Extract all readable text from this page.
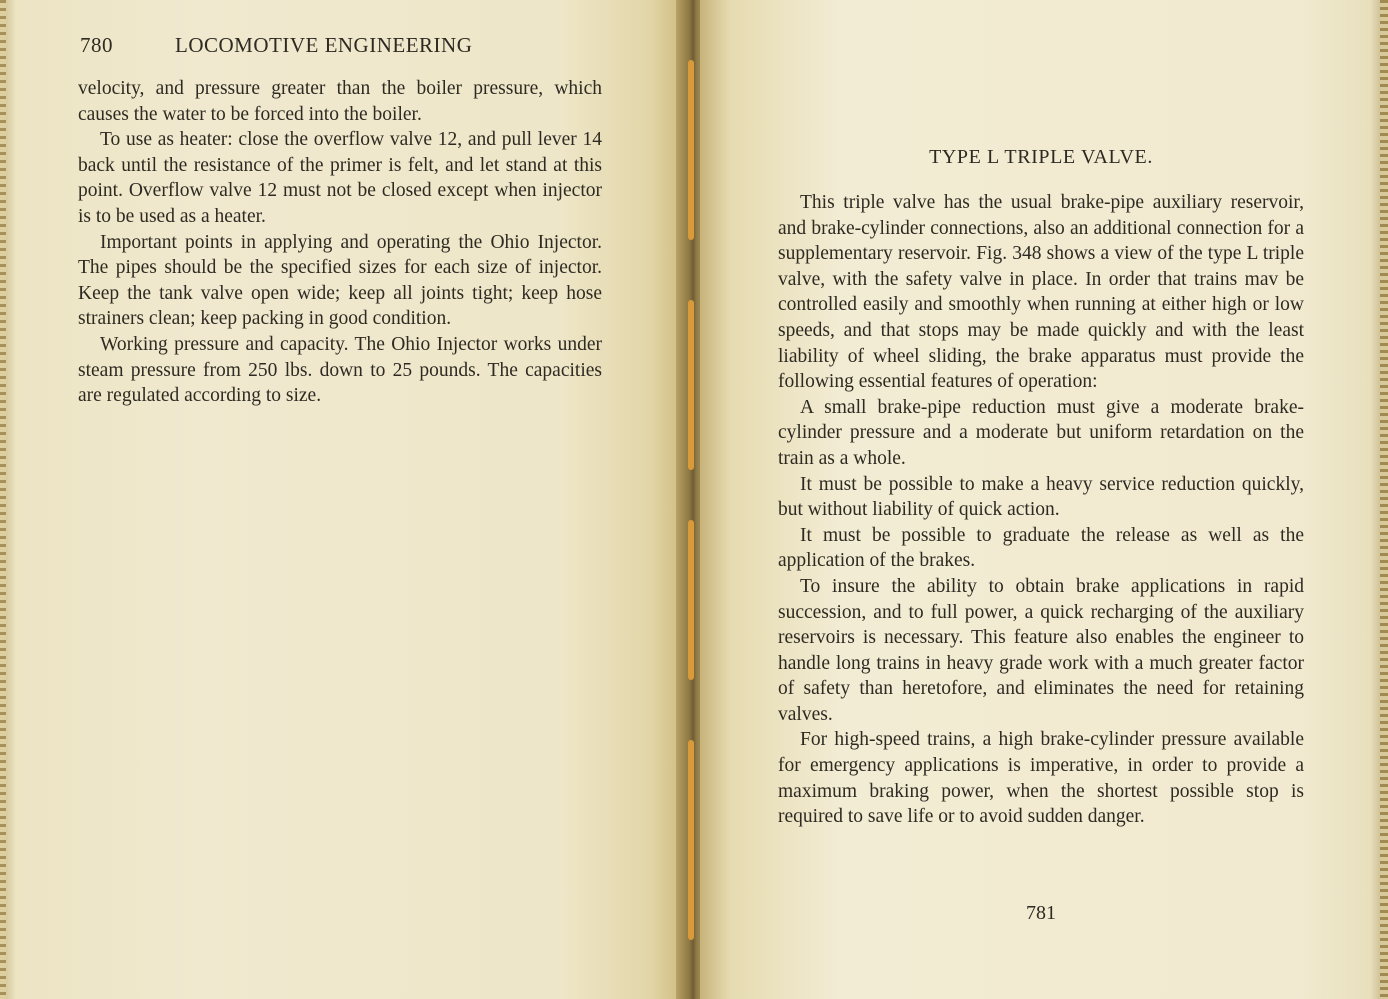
780	LOCOMOTIVE ENGINEERING

velocity, and pressure greater than the boiler pressure, which causes the water to be forced into the boiler.

To use as heater: close the overflow valve 12, and pull lever 14 back until the resistance of the primer is felt, and let stand at this point. Overflow valve 12 must not be closed except when injector is to be used as a heater.

Important points in applying and operating the Ohio Injector. The pipes should be the specified sizes for each size of injector. Keep the tank valve open wide; keep all joints tight; keep hose strainers clean; keep packing in good condition.

Working pressure and capacity. The Ohio Injector works under steam pressure from 250 lbs. down to 25 pounds. The capacities are regulated according to size.

TYPE L TRIPLE VALVE.

This triple valve has the usual brake-pipe auxiliary reservoir, and brake-cylinder connections, also an additional connection for a supplementary reservoir. Fig. 348 shows a view of the type L triple valve, with the safety valve in place. In order that trains mav be controlled easily and smoothly when running at either high or low speeds, and that stops may be made quickly and with the least liability of wheel sliding, the brake apparatus must provide the following essential features of operation:

A small brake-pipe reduction must give a moderate brake-cylinder pressure and a moderate but uniform retardation on the train as a whole.

It must be possible to make a heavy service reduction quickly, but without liability of quick action.

It must be possible to graduate the release as well as the application of the brakes.

To insure the ability to obtain brake applications in rapid succession, and to full power, a quick recharging of the auxiliary reservoirs is necessary. This feature also enables the engineer to handle long trains in heavy grade work with a much greater factor of safety than heretofore, and eliminates the need for retaining valves.

For high-speed trains, a high brake-cylinder pressure available for emergency applications is imperative, in order to provide a maximum braking power, when the shortest possible stop is required to save life or to avoid sudden danger.

781
